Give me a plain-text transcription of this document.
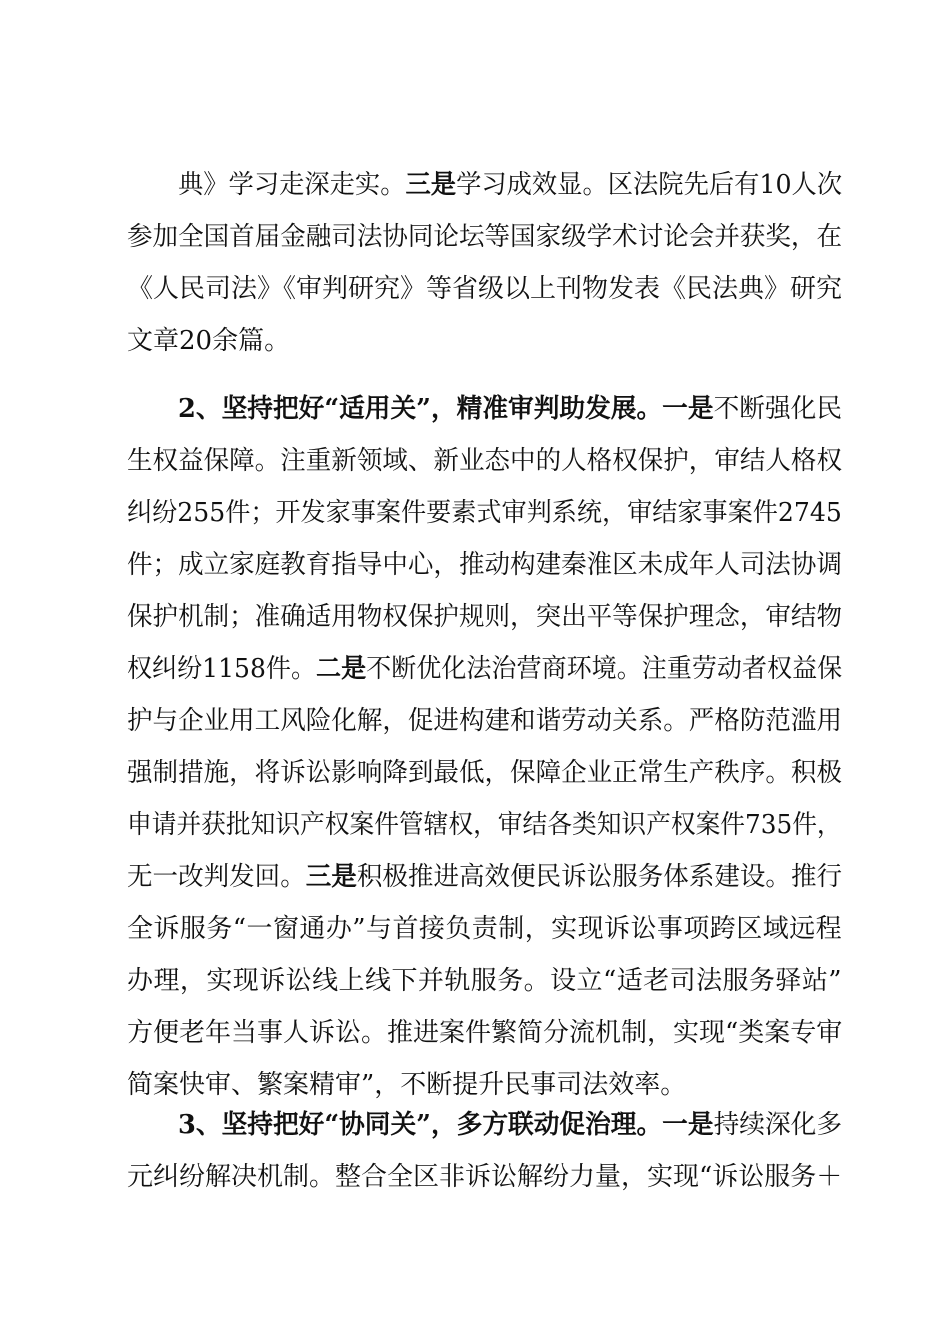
典》学习走深走实。三是学习成效显。区法院先后有10人次
参加全国首届金融司法协同论坛等国家级学术讨论会并获奖，在
《人民司法》《审判研究》等省级以上刊物发表《民法典》研究
文章20余篇。
2、坚持把好“适用关”，精准审判助发展。一是不断强化民
生权益保障。注重新领域、新业态中的人格权保护，审结人格权
纠纷255件；开发家事案件要素式审判系统，审结家事案件2745
件；成立家庭教育指导中心，推动构建秦淮区未成年人司法协调
保护机制；准确适用物权保护规则，突出平等保护理念，审结物
权纠纷1158件。二是不断优化法治营商环境。注重劳动者权益保
护与企业用工风险化解，促进构建和谐劳动关系。严格防范滥用
强制措施，将诉讼影响降到最低，保障企业正常生产秩序。积极
申请并获批知识产权案件管辖权，审结各类知识产权案件735件，
无一改判发回。三是积极推进高效便民诉讼服务体系建设。推行
全诉服务“一窗通办”与首接负责制，实现诉讼事项跨区域远程
办理，实现诉讼线上线下并轨服务。设立“适老司法服务驿站”
方便老年当事人诉讼。推进案件繁简分流机制，实现“类案专审
简案快审、繁案精审”，不断提升民事司法效率。
3、坚持把好“协同关”，多方联动促治理。一是持续深化多
元纠纷解决机制。整合全区非诉讼解纷力量，实现“诉讼服务＋
